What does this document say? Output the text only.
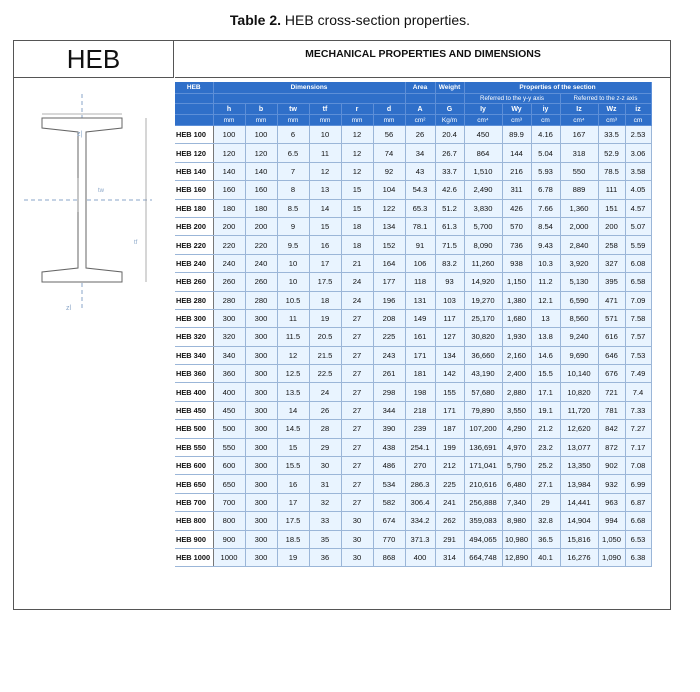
Table 2. HEB cross-section properties.
HEB	MECHANICAL PROPERTIES AND DIMENSIONS
z|
tw
tf
zl
HEB	Dimensions						Area	Weight	Properties of the section					
									Referred to the y-y axis			Referred to the z-z axis		
	h	b	tw	tf	r	d	A	G	Iy	Wy	iy	Iz	Wz	iz
	mm	mm	mm	mm	mm	mm	cm²	Kg/m	cm⁴	cm³	cm	cm⁴	cm³	cm
HEB 100	100	100	6	10	12	56	26	20.4	450	89.9	4.16	167	33.5	2.53
HEB 120	120	120	6.5	11	12	74	34	26.7	864	144	5.04	318	52.9	3.06
HEB 140	140	140	7	12	12	92	43	33.7	1,510	216	5.93	550	78.5	3.58
HEB 160	160	160	8	13	15	104	54.3	42.6	2,490	311	6.78	889	111	4.05
HEB 180	180	180	8.5	14	15	122	65.3	51.2	3,830	426	7.66	1,360	151	4.57
HEB 200	200	200	9	15	18	134	78.1	61.3	5,700	570	8.54	2,000	200	5.07
HEB 220	220	220	9.5	16	18	152	91	71.5	8,090	736	9.43	2,840	258	5.59
HEB 240	240	240	10	17	21	164	106	83.2	11,260	938	10.3	3,920	327	6.08
HEB 260	260	260	10	17.5	24	177	118	93	14,920	1,150	11.2	5,130	395	6.58
HEB 280	280	280	10.5	18	24	196	131	103	19,270	1,380	12.1	6,590	471	7.09
HEB 300	300	300	11	19	27	208	149	117	25,170	1,680	13	8,560	571	7.58
HEB 320	320	300	11.5	20.5	27	225	161	127	30,820	1,930	13.8	9,240	616	7.57
HEB 340	340	300	12	21.5	27	243	171	134	36,660	2,160	14.6	9,690	646	7.53
HEB 360	360	300	12.5	22.5	27	261	181	142	43,190	2,400	15.5	10,140	676	7.49
HEB 400	400	300	13.5	24	27	298	198	155	57,680	2,880	17.1	10,820	721	7.4
HEB 450	450	300	14	26	27	344	218	171	79,890	3,550	19.1	11,720	781	7.33
HEB 500	500	300	14.5	28	27	390	239	187	107,200	4,290	21.2	12,620	842	7.27
HEB 550	550	300	15	29	27	438	254.1	199	136,691	4,970	23.2	13,077	872	7.17
HEB 600	600	300	15.5	30	27	486	270	212	171,041	5,790	25.2	13,350	902	7.08
HEB 650	650	300	16	31	27	534	286.3	225	210,616	6,480	27.1	13,984	932	6.99
HEB 700	700	300	17	32	27	582	306.4	241	256,888	7,340	29	14,441	963	6.87
HEB 800	800	300	17.5	33	30	674	334.2	262	359,083	8,980	32.8	14,904	994	6.68
HEB 900	900	300	18.5	35	30	770	371.3	291	494,065	10,980	36.5	15,816	1,050	6.53
HEB 1000	1000	300	19	36	30	868	400	314	664,748	12,890	40.1	16,276	1,090	6.38
